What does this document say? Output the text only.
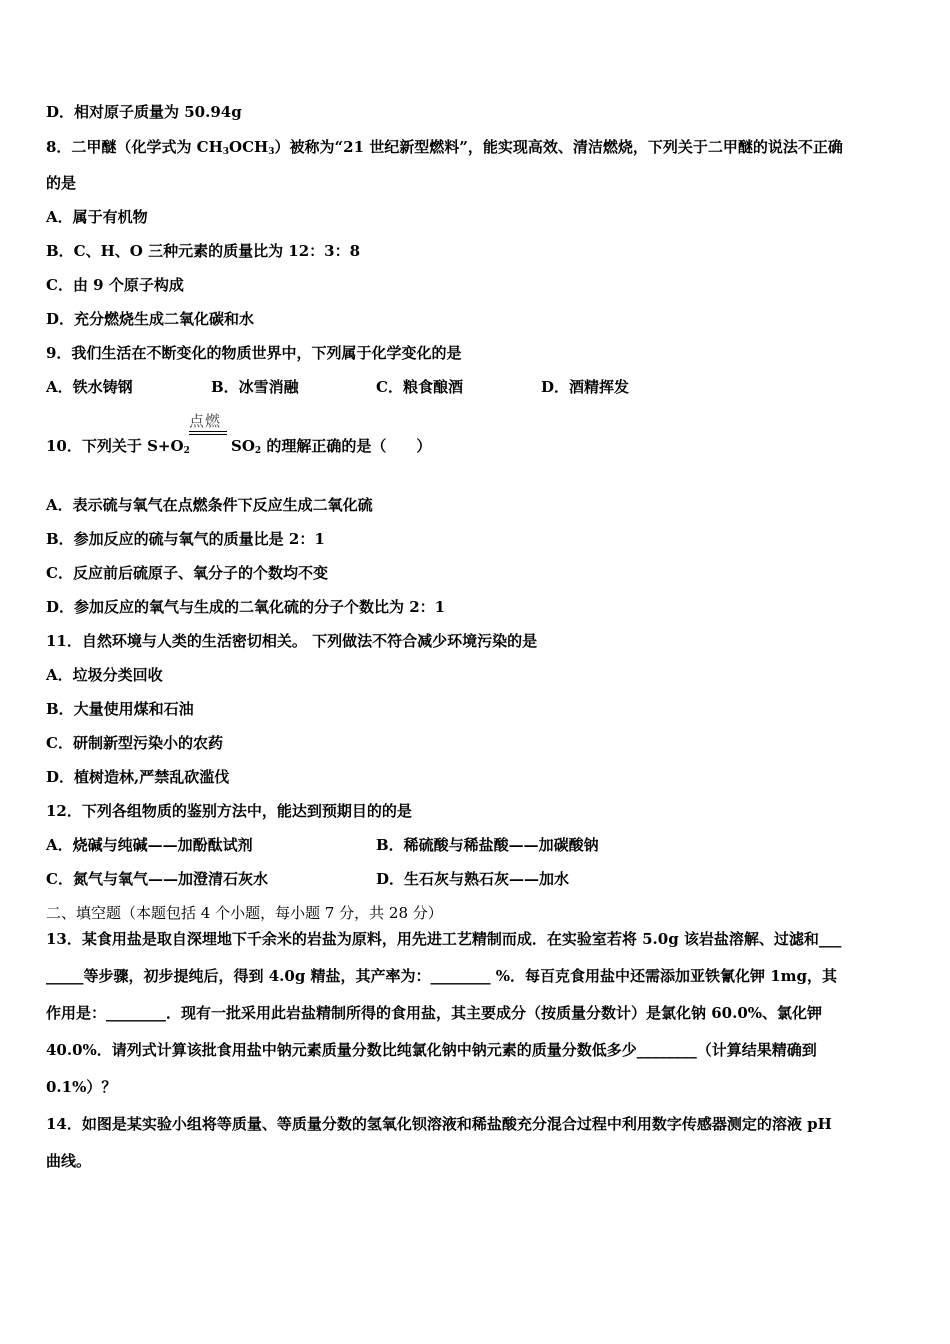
D．相对原子质量为 50.94g
8．二甲醚（化学式为 $CH_3OCH_3$）被称为“21 世纪新型燃料”，能实现高效、清洁燃烧，下列关于二甲醚的说法不正确
的是
A．属于有机物
B．C、H、O 三种元素的质量比为 12：3：8
C．由 9 个原子构成
D．充分燃烧生成二氧化碳和水
9．我们生活在不断变化的物质世界中，下列属于化学变化的是
A．铁水铸钢	B．冰雪消融	C．粮食酿酒	D．酒精挥发
点燃
10．下列关于 $S+O_2$	$SO_2$ 的理解正确的是（　　）
A．表示硫与氧气在点燃条件下反应生成二氧化硫
B．参加反应的硫与氧气的质量比是 2：1
C．反应前后硫原子、氧分子的个数均不变
D．参加反应的氧气与生成的二氧化硫的分子个数比为 2：1
11．自然环境与人类的生活密切相关。 下列做法不符合减少环境污染的是
A．垃圾分类回收
B．大量使用煤和石油
C．研制新型污染小的农药
D．植树造林,严禁乱砍滥伐
12．下列各组物质的鉴别方法中，能达到预期目的的是
A．烧碱与纯碱——加酚酞试剂	B．稀硫酸与稀盐酸——加碳酸钠
C．氮气与氧气——加澄清石灰水	D．生石灰与熟石灰——加水
二、填空题（本题包括 4 个小题，每小题 7 分，共 28 分）
13．某食用盐是取自深埋地下千余米的岩盐为原料，用先进工艺精制而成．在实验室若将 5.0g 该岩盐溶解、过滤和___
_____等步骤，初步提纯后，得到 4.0g 精盐，其产率为：________ %．每百克食用盐中还需添加亚铁氰化钾 1mg，其
作用是：________．现有一批采用此岩盐精制所得的食用盐，其主要成分（按质量分数计）是氯化钠 60.0%、氯化钾
40.0%．请列式计算该批食用盐中钠元素质量分数比纯氯化钠中钠元素的质量分数低多少________（计算结果精确到
0.1%）？
14．如图是某实验小组将等质量、等质量分数的氢氧化钡溶液和稀盐酸充分混合过程中利用数字传感器测定的溶液 pH
曲线。
